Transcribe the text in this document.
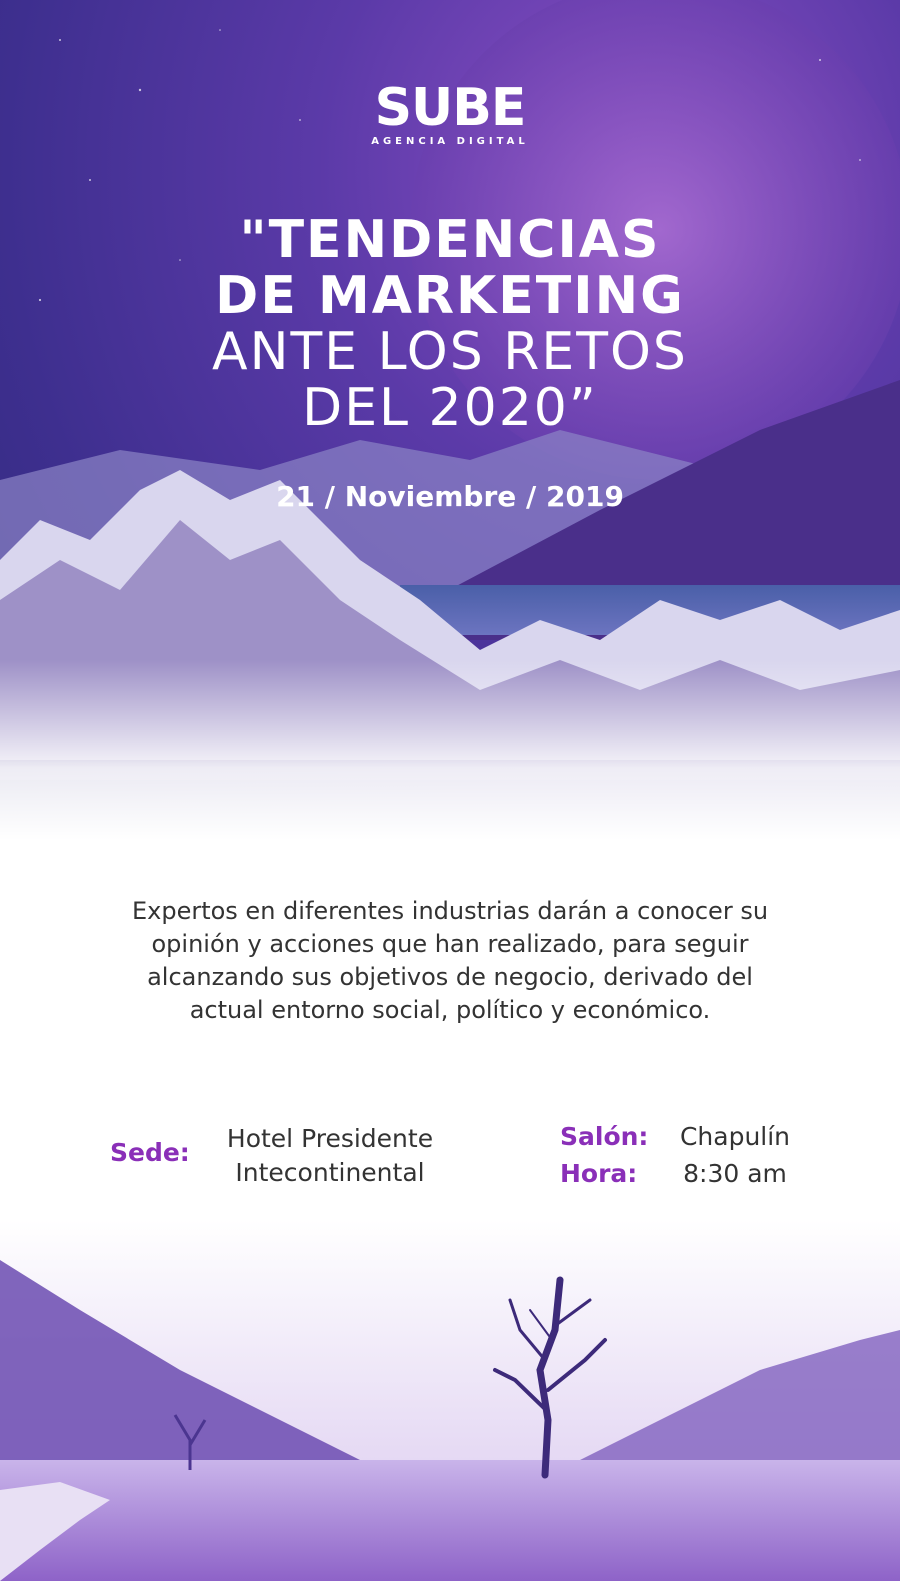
SUBE
AGENCIA DIGITAL
"TENDENCIAS
DE MARKETING
ANTE LOS RETOS
DEL 2020”
21 / Noviembre / 2019
Expertos en diferentes industrias darán a conocer su
opinión y acciones que han realizado, para seguir
alcanzando sus objetivos de negocio, derivado del
actual entorno social, político y económico.
Sede:	Hotel Presidente
Intecontinental
Salón:	Chapulín
Hora:	8:30 am
